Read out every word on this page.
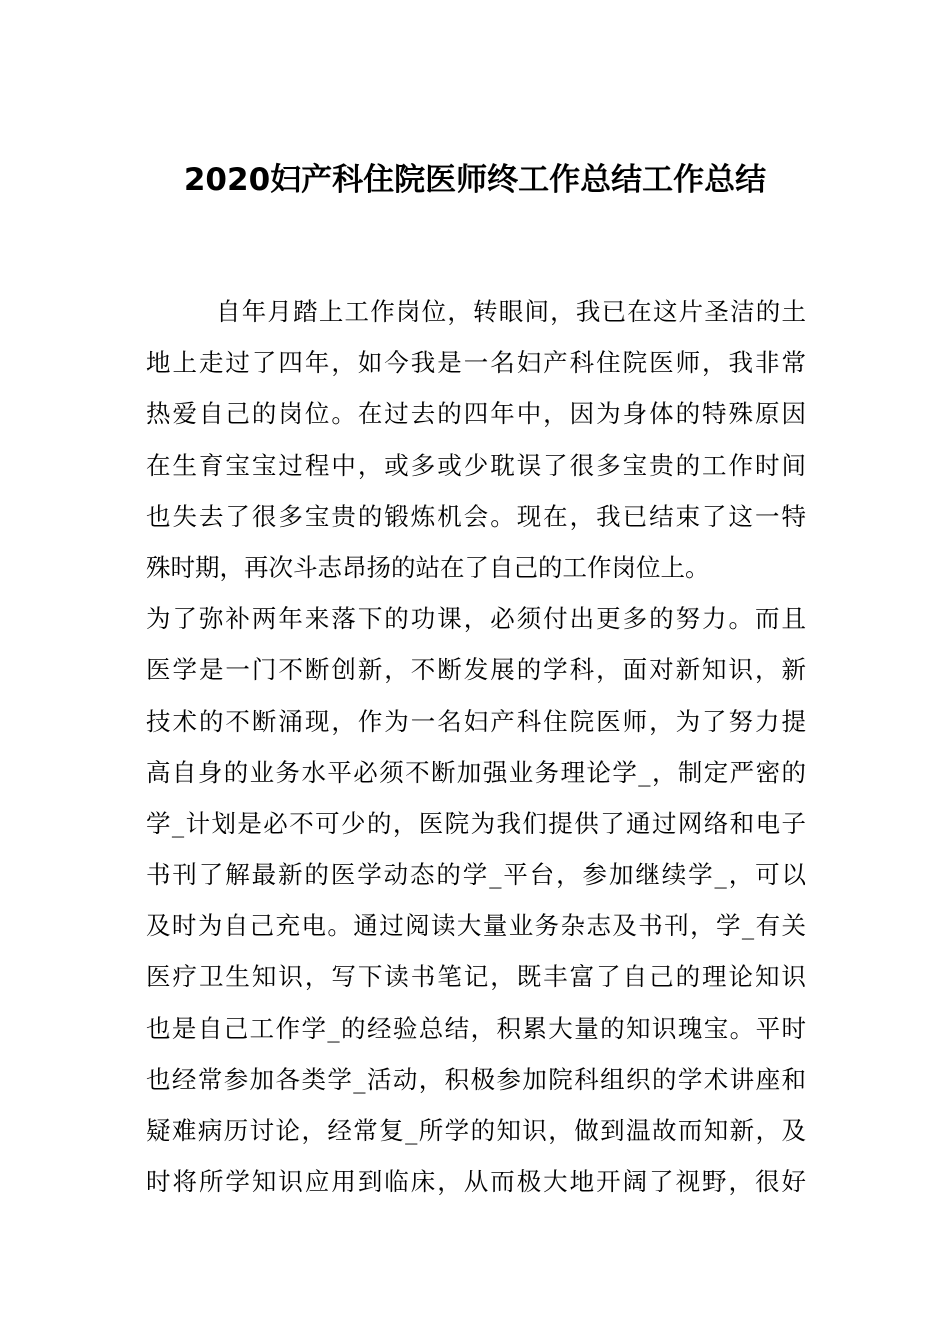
2020妇产科住院医师终工作总结工作总结
自年月踏上工作岗位，转眼间，我已在这片圣洁的土
地上走过了四年，如今我是一名妇产科住院医师，我非常
热爱自己的岗位。在过去的四年中，因为身体的特殊原因
在生育宝宝过程中，或多或少耽误了很多宝贵的工作时间
也失去了很多宝贵的锻炼机会。现在，我已结束了这一特
殊时期，再次斗志昂扬的站在了自己的工作岗位上。
为了弥补两年来落下的功课，必须付出更多的努力。而且
医学是一门不断创新，不断发展的学科，面对新知识，新
技术的不断涌现，作为一名妇产科住院医师，为了努力提
高自身的业务水平必须不断加强业务理论学_，制定严密的
学_计划是必不可少的，医院为我们提供了通过网络和电子
书刊了解最新的医学动态的学_平台，参加继续学_，可以
及时为自己充电。通过阅读大量业务杂志及书刊，学_有关
医疗卫生知识，写下读书笔记，既丰富了自己的理论知识
也是自己工作学_的经验总结，积累大量的知识瑰宝。平时
也经常参加各类学_活动，积极参加院科组织的学术讲座和
疑难病历讨论，经常复_所学的知识，做到温故而知新，及
时将所学知识应用到临床，从而极大地开阔了视野，很好
